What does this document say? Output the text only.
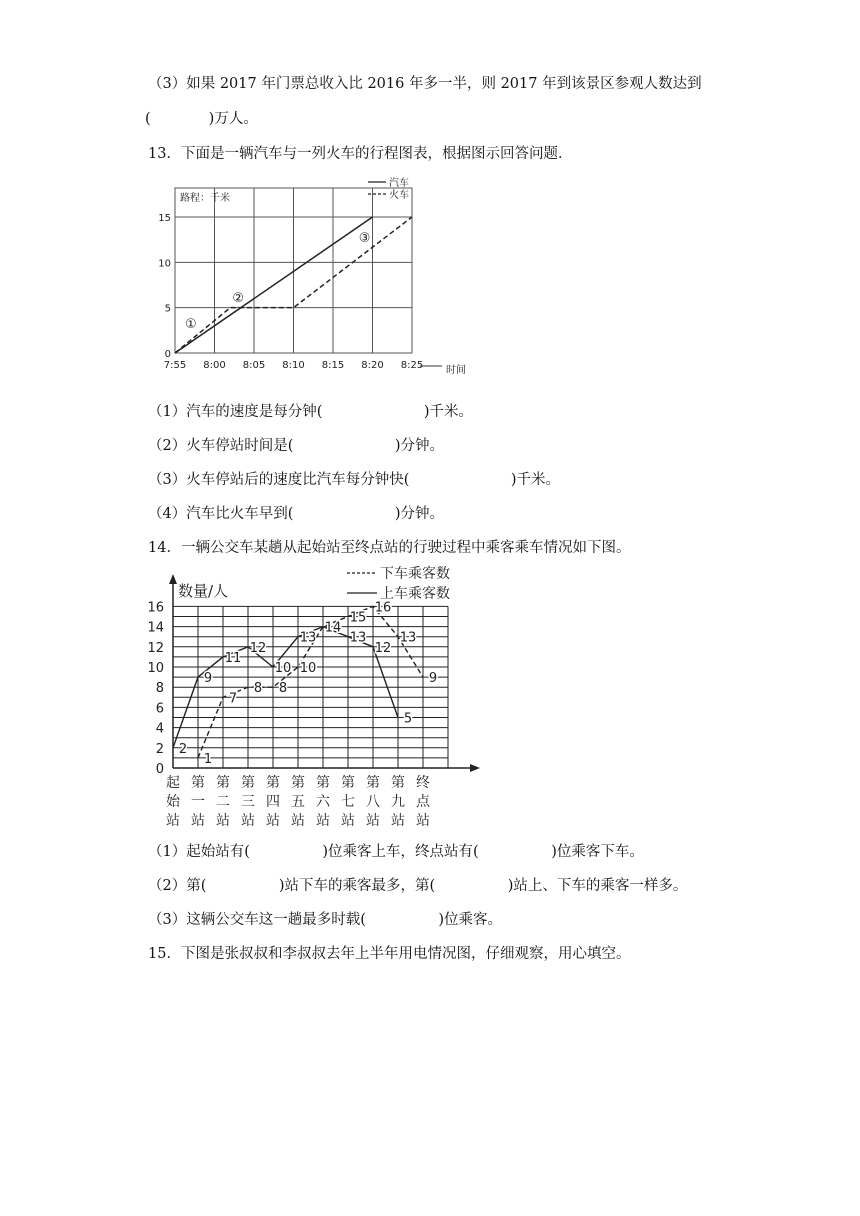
（3）如果 2017 年门票总收入比 2016 年多一半，则 2017 年到该景区参观人数达到
(　　　　)万人。
13．下面是一辆汽车与一列火车的行程图表，根据图示回答问题．
7:55 8:00 8:05 8:10 8:15 8:20 8:25
0
5
10
15
路程：千米
时间
汽车
火车
①
②
③
（1）汽车的速度是每分钟(　　　　　　　)千米。
（2）火车停站时间是(　　　　　　　)分钟。
（3）火车停站后的速度比汽车每分钟快(　　　　　　　)千米。
（4）汽车比火车早到(　　　　　　　)分钟。
14．一辆公交车某趟从起始站至终点站的行驶过程中乘客乘车情况如下图。
数量/人
0
2
4
6
8
10
12
14
16
起始站
第一站
第二站
第三站
第四站
第五站
第六站
第七站
第八站
第九站
终点站
上车乘客数
下车乘客数
2
9
11
12
10
13
14
13
12
5
1
7
8 8
10
15
16
13
9
（1）起始站有(　　　　　)位乘客上车，终点站有(　　　　　)位乘客下车。
（2）第(　　　　　)站下车的乘客最多，第(　　　　　)站上、下车的乘客一样多。
（3）这辆公交车这一趟最多时载(　　　　　)位乘客。
15．下图是张叔叔和李叔叔去年上半年用电情况图，仔细观察，用心填空。
